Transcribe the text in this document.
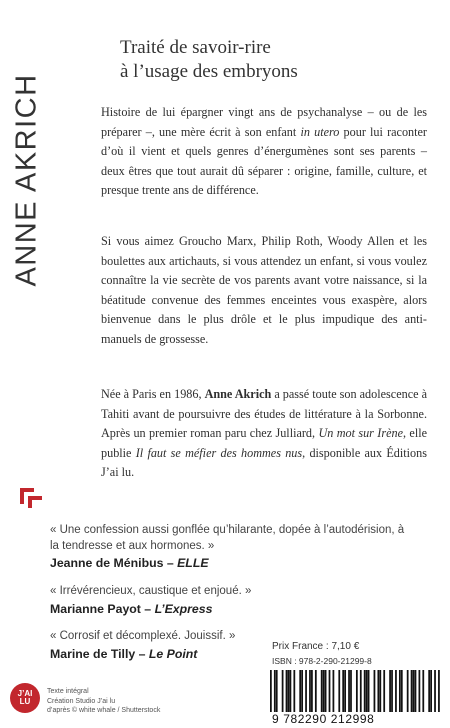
ANNE AKRICH
Traité de savoir-rire
à l’usage des embryons
Histoire de lui épargner vingt ans de psychanalyse – ou de les préparer –, une mère écrit à son enfant in utero pour lui raconter d’où il vient et quels genres d’énergumènes sont ses parents – deux êtres que tout aurait dû séparer : origine, famille, culture, et presque trente ans de différence.
Si vous aimez Groucho Marx, Philip Roth, Woody Allen et les boulettes aux artichauts, si vous attendez un enfant, si vous voulez connaître la vie secrète de vos parents avant votre naissance, si la béatitude convenue des femmes enceintes vous exaspère, alors bienvenue dans le plus drôle et le plus impudique des anti-manuels de grossesse.
Née à Paris en 1986, Anne Akrich a passé toute son adolescence à Tahiti avant de poursuivre des études de littérature à la Sorbonne. Après un premier roman paru chez Julliard, Un mot sur Irène, elle publie Il faut se méfier des hommes nus, disponible aux Éditions J’ai lu.
« Une confession aussi gonflée qu’hilarante, dopée à l’autodérision, à la tendresse et aux hormones. »
Jeanne de Ménibus – ELLE
« Irrévérencieux, caustique et enjoué. »
Marianne Payot – L’Express
« Corrosif et décomplexé. Jouissif. »
Marine de Tilly – Le Point
J’AI
LU
Texte intégral
Création Studio J’ai lu
d’après © white whale / Shutterstock
Prix France : 7,10 €
ISBN : 978-2-290-21299-8
9 782290 212998
